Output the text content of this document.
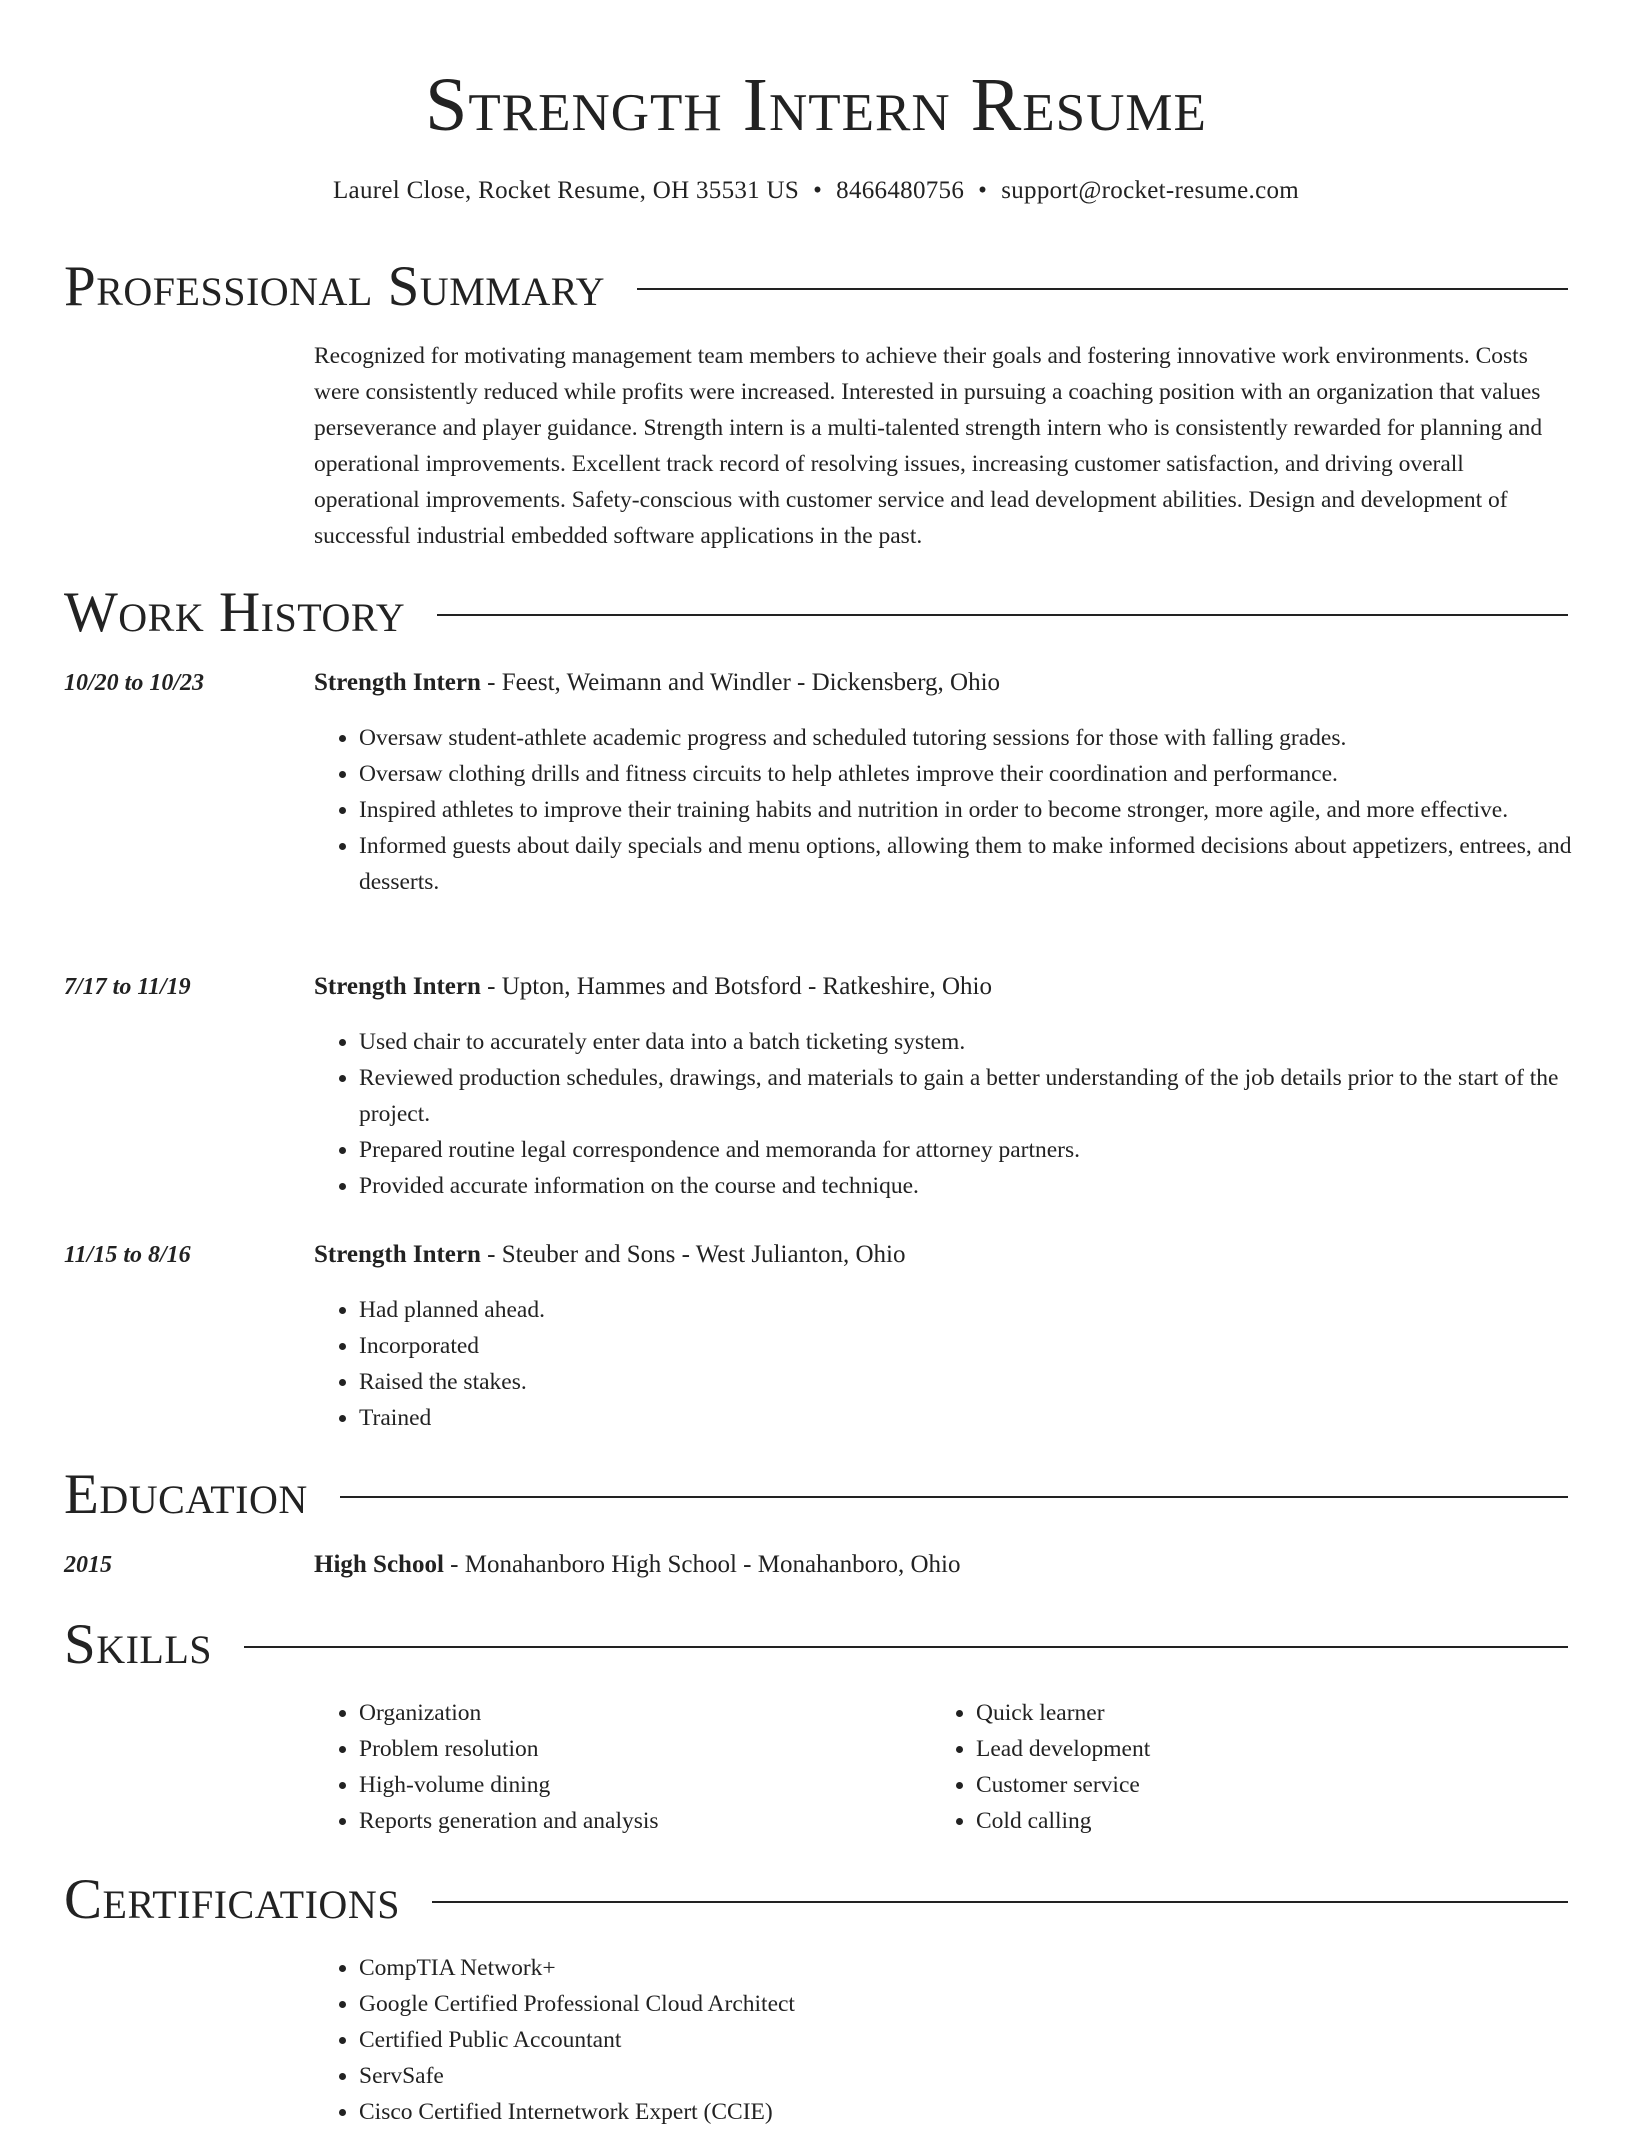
Strength Intern Resume
Laurel Close, Rocket Resume, OH 35531 US • 8466480756 • support@rocket-resume.com
Professional Summary
Recognized for motivating management team members to achieve their goals and fostering innovative work environments. Costs were consistently reduced while profits were increased. Interested in pursuing a coaching position with an organization that values perseverance and player guidance. Strength intern is a multi-talented strength intern who is consistently rewarded for planning and operational improvements. Excellent track record of resolving issues, increasing customer satisfaction, and driving overall operational improvements. Safety-conscious with customer service and lead development abilities. Design and development of successful industrial embedded software applications in the past.
Work History
10/20 to 10/23	Strength Intern - Feest, Weimann and Windler - Dickensberg, Ohio
• Oversaw student-athlete academic progress and scheduled tutoring sessions for those with falling grades.
• Oversaw clothing drills and fitness circuits to help athletes improve their coordination and performance.
• Inspired athletes to improve their training habits and nutrition in order to become stronger, more agile, and more effective.
• Informed guests about daily specials and menu options, allowing them to make informed decisions about appetizers, entrees, and desserts.
7/17 to 11/19	Strength Intern - Upton, Hammes and Botsford - Ratkeshire, Ohio
• Used chair to accurately enter data into a batch ticketing system.
• Reviewed production schedules, drawings, and materials to gain a better understanding of the job details prior to the start of the project.
• Prepared routine legal correspondence and memoranda for attorney partners.
• Provided accurate information on the course and technique.
11/15 to 8/16	Strength Intern - Steuber and Sons - West Julianton, Ohio
• Had planned ahead.
• Incorporated
• Raised the stakes.
• Trained
Education
2015	High School - Monahanboro High School - Monahanboro, Ohio
Skills
• Organization
• Problem resolution
• High-volume dining
• Reports generation and analysis
• Quick learner
• Lead development
• Customer service
• Cold calling
Certifications
• CompTIA Network+
• Google Certified Professional Cloud Architect
• Certified Public Accountant
• ServSafe
• Cisco Certified Internetwork Expert (CCIE)
